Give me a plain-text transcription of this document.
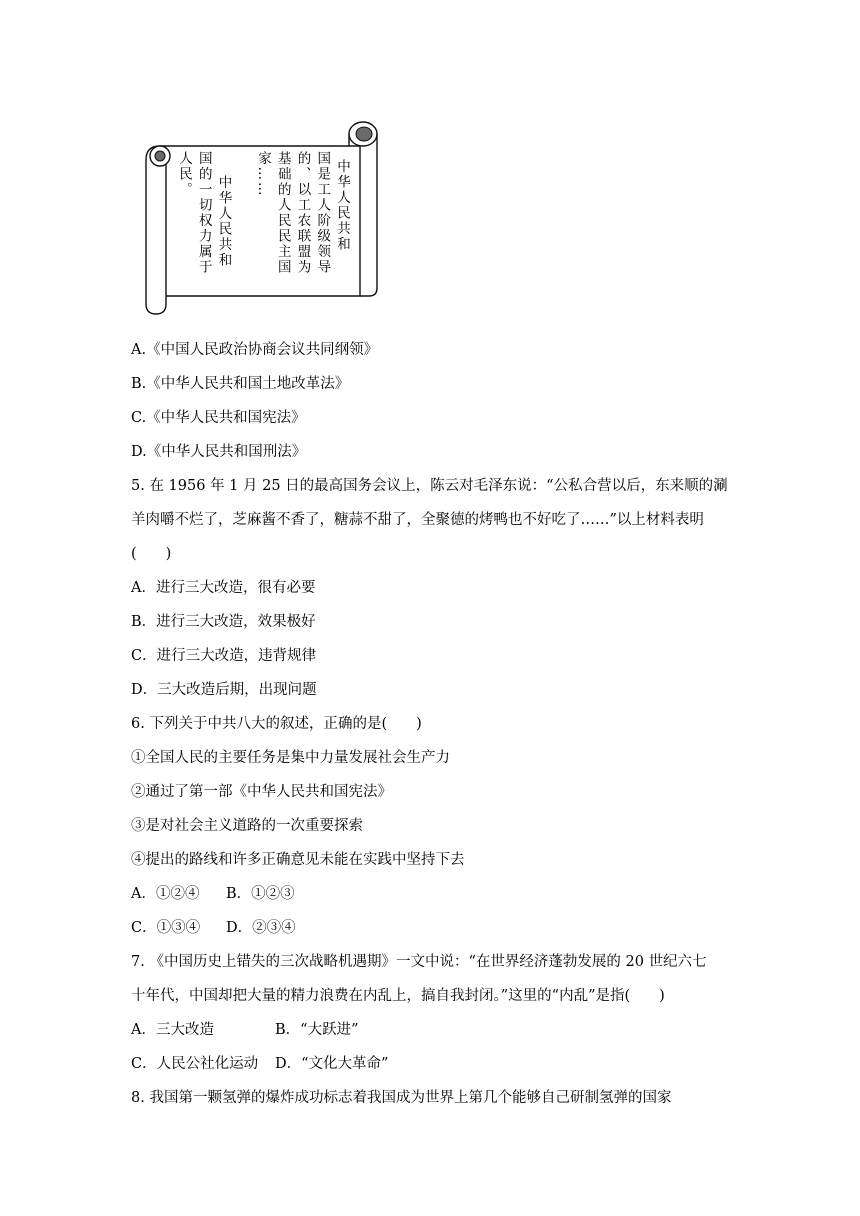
中华人民共和
国是工人阶级领导
的、以工农联盟为
基础的人民民主国
家……
中华人民共和
国的一切权力属于
人民。
A.《中国人民政治协商会议共同纲领》
B.《中华人民共和国土地改革法》
C.《中华人民共和国宪法》
D.《中华人民共和国刑法》
5. 在 1956 年 1 月 25 日的最高国务会议上，陈云对毛泽东说：“公私合营以后，东来顺的涮
羊肉嚼不烂了，芝麻酱不香了，糖蒜不甜了，全聚德的烤鸭也不好吃了……”以上材料表明
(　　)
A．进行三大改造，很有必要
B．进行三大改造，效果极好
C．进行三大改造，违背规律
D．三大改造后期，出现问题
6. 下列关于中共八大的叙述，正确的是(　　)
①全国人民的主要任务是集中力量发展社会生产力
②通过了第一部《中华人民共和国宪法》
③是对社会主义道路的一次重要探索
④提出的路线和许多正确意见未能在实践中坚持下去
A．①②④ B．①②③
C．①③④ D．②③④
7. 《中国历史上错失的三次战略机遇期》一文中说：“在世界经济蓬勃发展的 20 世纪六七
十年代，中国却把大量的精力浪费在内乱上，搞自我封闭。”这里的“内乱”是指(　　)
A．三大改造	B．“大跃进”
C．人民公社化运动 D．“文化大革命”
8. 我国第一颗氢弹的爆炸成功标志着我国成为世界上第几个能够自己研制氢弹的国家
